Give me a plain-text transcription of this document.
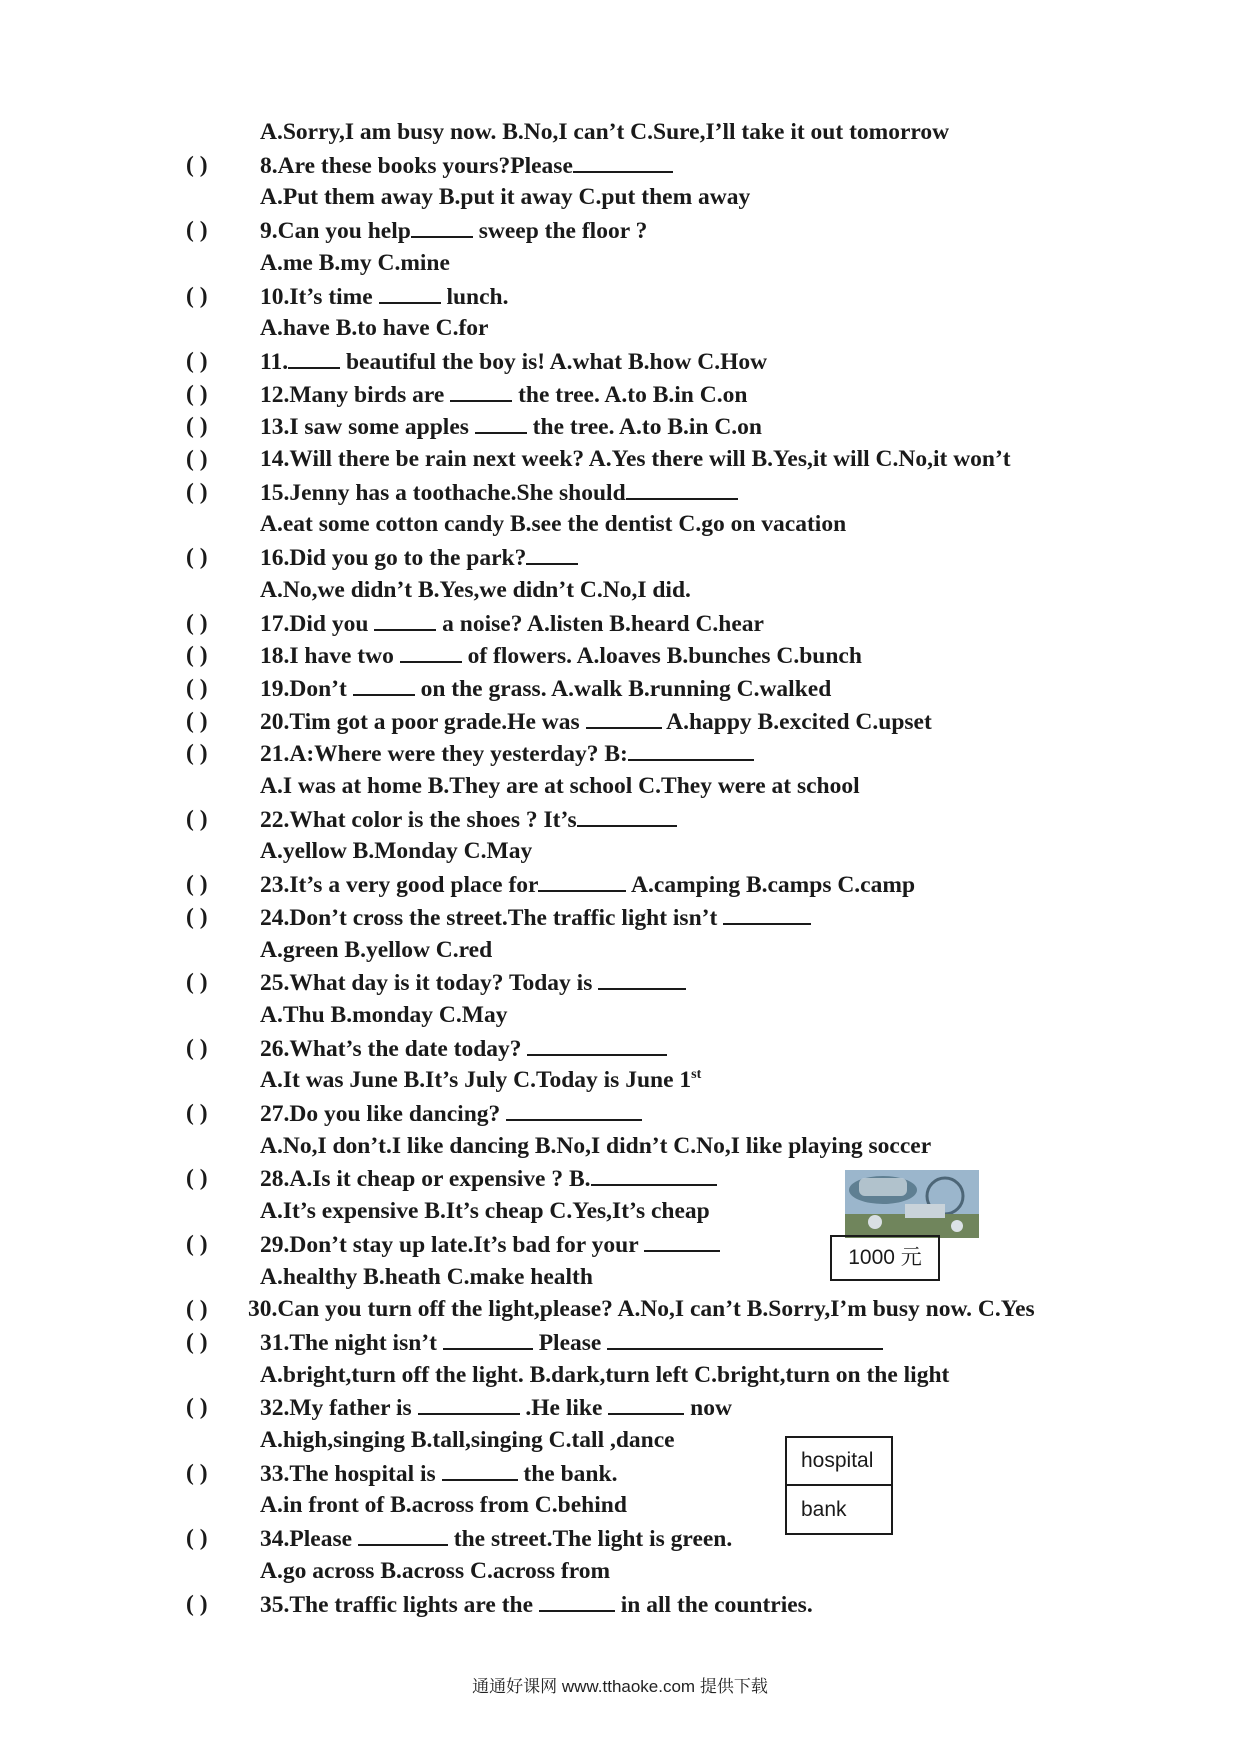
A.Sorry,I am busy now. B.No,I can’t C.Sure,I’ll take it out tomorrow
( ) 8.Are these books yours?Please
A.Put them away B.put it away C.put them away
( ) 9.Can you help	sweep the floor ?
A.me B.my C.mine
( ) 10.It’s time	lunch.
A.have B.to have C.for
( ) 11. beautiful the boy is! A.what B.how C.How
( ) 12.Many birds are	the tree. A.to B.in C.on
( ) 13.I saw some apples  the tree. A.to B.in C.on
( ) 14.Will there be rain next week? A.Yes there will B.Yes,it will C.No,it won’t
( ) 15.Jenny has a toothache.She should
A.eat some cotton candy B.see the dentist C.go on vacation
( ) 16.Did you go to the park?
A.No,we didn’t B.Yes,we didn’t C.No,I did.
( ) 17.Did you	a noise? A.listen B.heard C.hear
( ) 18.I have two	of flowers. A.loaves B.bunches C.bunch
( ) 19.Don’t	on the grass. A.walk B.running C.walked
( ) 20.Tim got a poor grade.He was	A.happy B.excited C.upset
( ) 21.A:Where were they yesterday? B:
A.I was at home B.They are at school C.They were at school
( ) 22.What color is the shoes ? It’s
A.yellow B.Monday C.May
( ) 23.It’s a very good place for	A.camping B.camps C.camp
( ) 24.Don’t cross the street.The traffic light isn’t
A.green B.yellow C.red
( ) 25.What day is it today? Today is
A.Thu B.monday C.May
( ) 26.What’s the date today?
A.It was June B.It’s July C.Today is June 1st
( ) 27.Do you like dancing?
A.No,I don’t.I like dancing B.No,I didn’t C.No,I like playing soccer
( ) 28.A.Is it cheap or expensive ? B.
A.It’s expensive B.It’s cheap C.Yes,It’s cheap
( ) 29.Don’t stay up late.It’s bad for your
A.healthy B.heath C.make health
( ) 30.Can you turn off the light,please? A.No,I can’t B.Sorry,I’m busy now. C.Yes
( ) 31.The night isn’t	Please
A.bright,turn off the light. B.dark,turn left C.bright,turn on the light
( ) 32.My father is	.He like	now
A.high,singing B.tall,singing C.tall ,dance
( ) 33.The hospital is	the bank.
A.in front of B.across from C.behind
( ) 34.Please	the street.The light is green.
A.go across B.across C.across from
( ) 35.The traffic lights are the	in all the countries.
1000 元
hospital
bank
通通好课网 www.tthaoke.com 提供下载
